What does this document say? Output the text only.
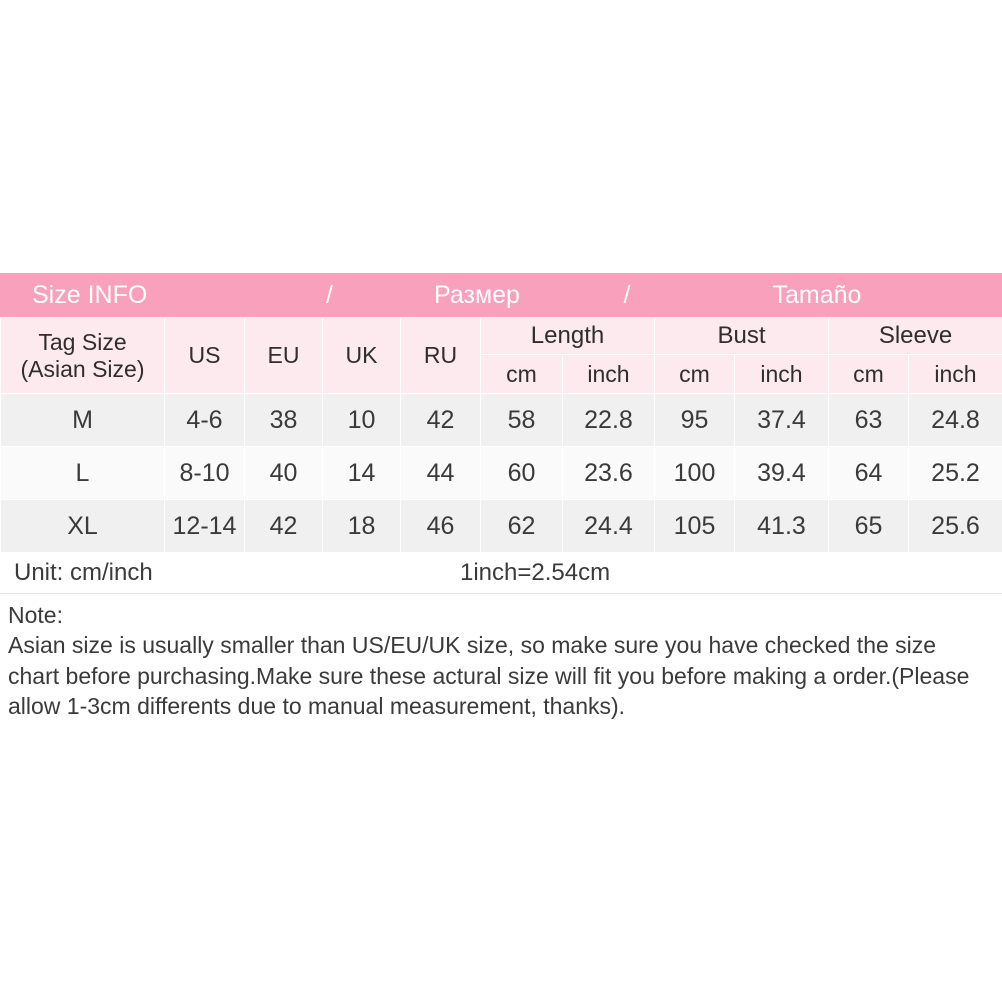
Size INFO	/	Размер	/	Tamaño
Tag Size
(Asian Size)	US	EU	UK	RU	Length		Bust		Sleeve	
					cm	inch	cm	inch	cm	inch
M	4-6	38	10	42	58	22.8	95	37.4	63	24.8
L	8-10	40	14	44	60	23.6	100	39.4	64	25.2
XL	12-14	42	18	46	62	24.4	105	41.3	65	25.6
Unit: cm/inch	1inch=2.54cm
Note:
Asian size is usually smaller than US/EU/UK size, so make sure you have checked the size chart before purchasing.Make sure these actural size will fit you before making a order.(Please allow 1-3cm differents due to manual measurement, thanks).
